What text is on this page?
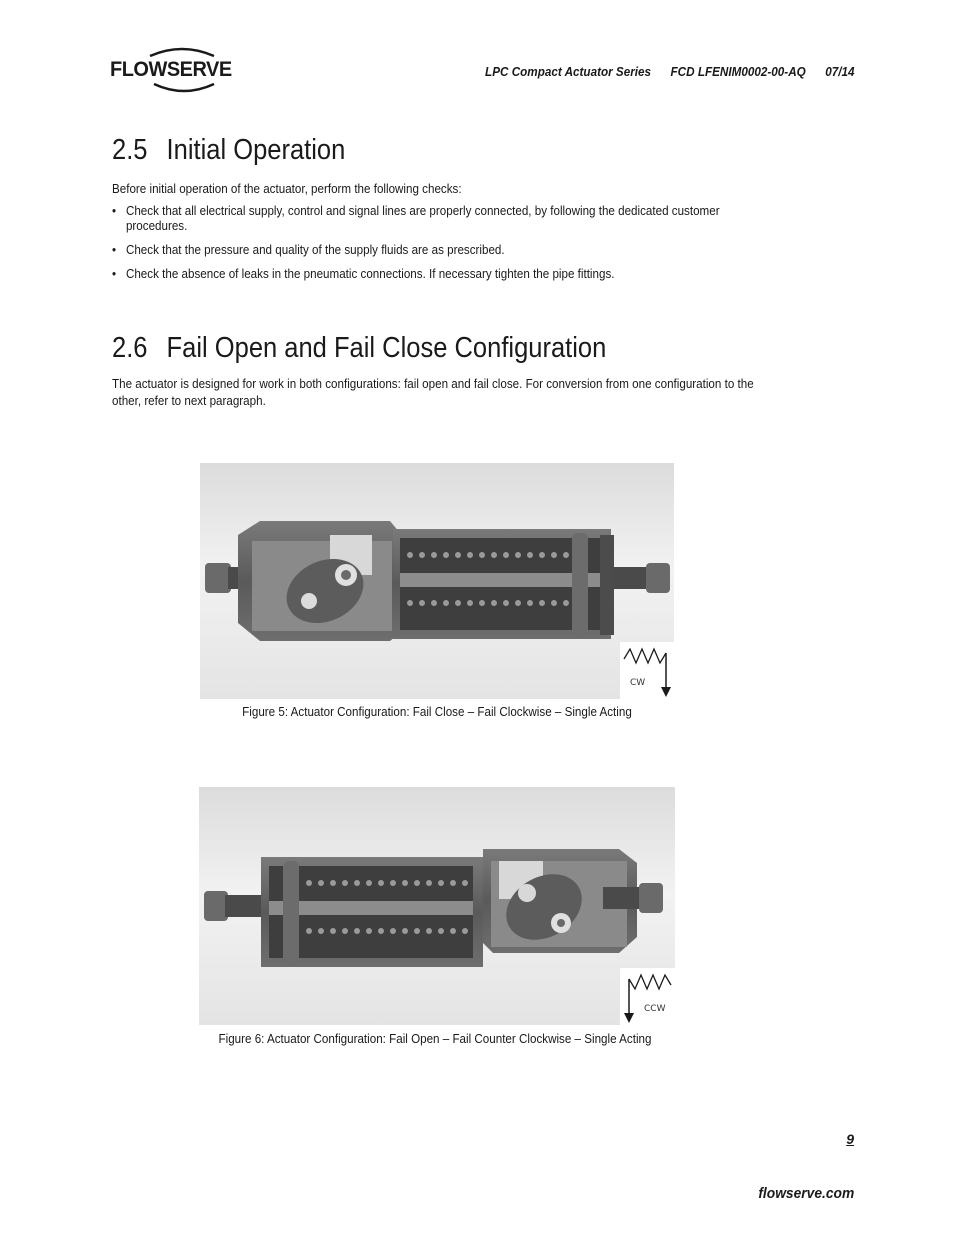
FLOWSERVE	LPC Compact Actuator Series FCD LFENIM0002-00-AQ 07/14
2.5 Initial Operation
Before initial operation of the actuator, perform the following checks:
• Check that all electrical supply, control and signal lines are properly connected, by following the dedicated customer procedures.
• Check that the pressure and quality of the supply fluids are as prescribed.
• Check the absence of leaks in the pneumatic connections. If necessary tighten the pipe fittings.
2.6 Fail Open and Fail Close Configuration
The actuator is designed for work in both configurations: fail open and fail close. For conversion from one configuration to the other, refer to next paragraph.
CW
Figure 5: Actuator Configuration: Fail Close – Fail Clockwise – Single Acting
CCW
Figure 6: Actuator Configuration: Fail Open – Fail Counter Clockwise – Single Acting
9
flowserve.com
